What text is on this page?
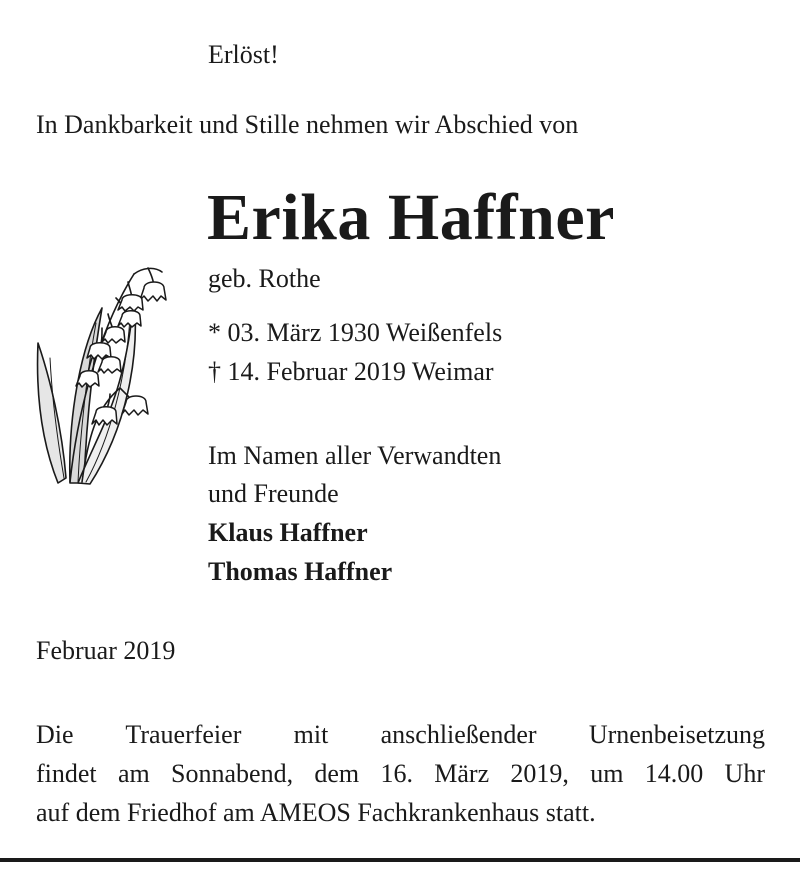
Erlöst!
In Dankbarkeit und Stille nehmen wir Abschied von
Erika Haffner
geb. Rothe
* 03. März 1930 Weißenfels
† 14. Februar 2019 Weimar
Im Namen aller Verwandten
und Freunde
Klaus Haffner
Thomas Haffner
Februar 2019
Die Trauerfeier mit anschließender Urnenbeisetzung
findet am Sonnabend, dem 16. März 2019, um 14.00 Uhr
auf dem Friedhof am AMEOS Fachkrankenhaus statt.
